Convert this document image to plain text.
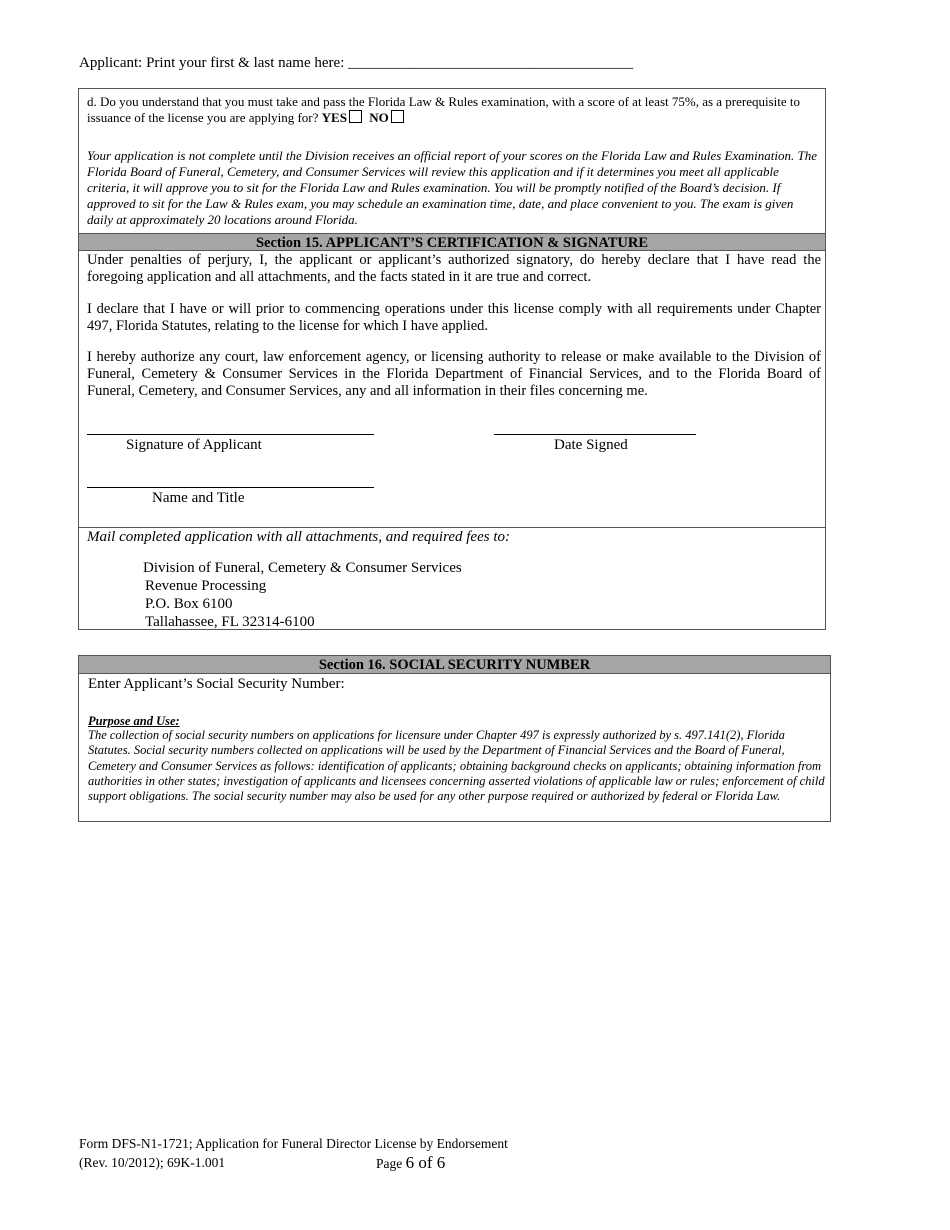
Applicant: Print your first & last name here: ______________________________________
d. Do you understand that you must take and pass the Florida Law & Rules examination, with a score of at least 75%, as a prerequisite to issuance of the license you are applying for? YES NO
Your application is not complete until the Division receives an official report of your scores on the Florida Law and Rules Examination. The Florida Board of Funeral, Cemetery, and Consumer Services will review this application and if it determines you meet all applicable criteria, it will approve you to sit for the Florida Law and Rules examination. You will be promptly notified of the Board’s decision. If approved to sit for the Law & Rules exam, you may schedule an examination time, date, and place convenient to you. The exam is given daily at approximately 20 locations around Florida.
Section 15. APPLICANT’S CERTIFICATION & SIGNATURE
Under penalties of perjury, I, the applicant or applicant’s authorized signatory, do hereby declare that I have read the foregoing application and all attachments, and the facts stated in it are true and correct.
I declare that I have or will prior to commencing operations under this license comply with all requirements under Chapter 497, Florida Statutes, relating to the license for which I have applied.
I hereby authorize any court, law enforcement agency, or licensing authority to release or make available to the Division of Funeral, Cemetery & Consumer Services in the Florida Department of Financial Services, and to the Florida Board of Funeral, Cemetery, and Consumer Services, any and all information in their files concerning me.
Signature of Applicant	Date Signed
Name and Title
Mail completed application with all attachments, and required fees to:
Division of Funeral, Cemetery & Consumer Services
Revenue Processing
P.O. Box 6100
Tallahassee, FL 32314-6100
Section 16. SOCIAL SECURITY NUMBER
Enter Applicant’s Social Security Number:
Purpose and Use:
The collection of social security numbers on applications for licensure under Chapter 497 is expressly authorized by s. 497.141(2), Florida Statutes. Social security numbers collected on applications will be used by the Department of Financial Services and the Board of Funeral, Cemetery and Consumer Services as follows: identification of applicants; obtaining background checks on applicants; obtaining information from authorities in other states; investigation of applicants and licensees concerning asserted violations of applicable law or rules; enforcement of child support obligations. The social security number may also be used for any other purpose required or authorized by federal or Florida Law.
Form DFS-N1-1721; Application for Funeral Director License by Endorsement
(Rev. 10/2012); 69K-1.001	Page 6 of 6
